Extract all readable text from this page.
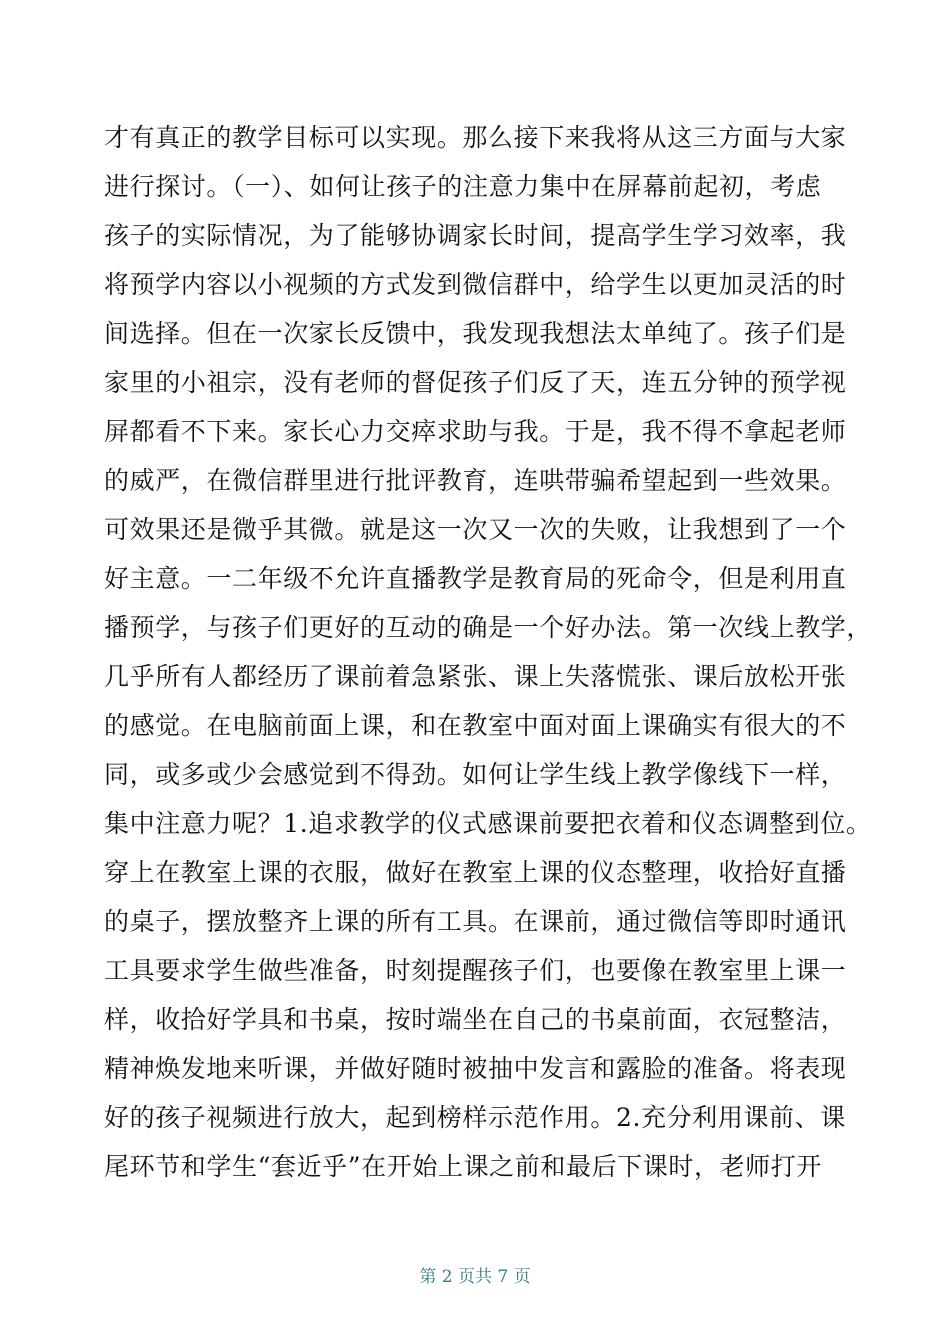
才有真正的教学目标可以实现。那么接下来我将从这三方面与大家
进行探讨。（一）、如何让孩子的注意力集中在屏幕前起初，考虑
孩子的实际情况，为了能够协调家长时间，提高学生学习效率，我
将预学内容以小视频的方式发到微信群中，给学生以更加灵活的时
间选择。但在一次家长反馈中，我发现我想法太单纯了。孩子们是
家里的小祖宗，没有老师的督促孩子们反了天，连五分钟的预学视
屏都看不下来。家长心力交瘁求助与我。于是，我不得不拿起老师
的威严，在微信群里进行批评教育，连哄带骗希望起到一些效果。
可效果还是微乎其微。就是这一次又一次的失败，让我想到了一个
好主意。一二年级不允许直播教学是教育局的死命令，但是利用直
播预学，与孩子们更好的互动的确是一个好办法。第一次线上教学，
几乎所有人都经历了课前着急紧张、课上失落慌张、课后放松开张
的感觉。在电脑前面上课，和在教室中面对面上课确实有很大的不
同，或多或少会感觉到不得劲。如何让学生线上教学像线下一样，
集中注意力呢？1.追求教学的仪式感课前要把衣着和仪态调整到位。
穿上在教室上课的衣服，做好在教室上课的仪态整理，收拾好直播
的桌子，摆放整齐上课的所有工具。在课前，通过微信等即时通讯
工具要求学生做些准备，时刻提醒孩子们，也要像在教室里上课一
样，收拾好学具和书桌，按时端坐在自己的书桌前面，衣冠整洁，
精神焕发地来听课，并做好随时被抽中发言和露脸的准备。将表现
好的孩子视频进行放大，起到榜样示范作用。2.充分利用课前、课
尾环节和学生“套近乎”在开始上课之前和最后下课时，老师打开
第 2 页共 7 页
